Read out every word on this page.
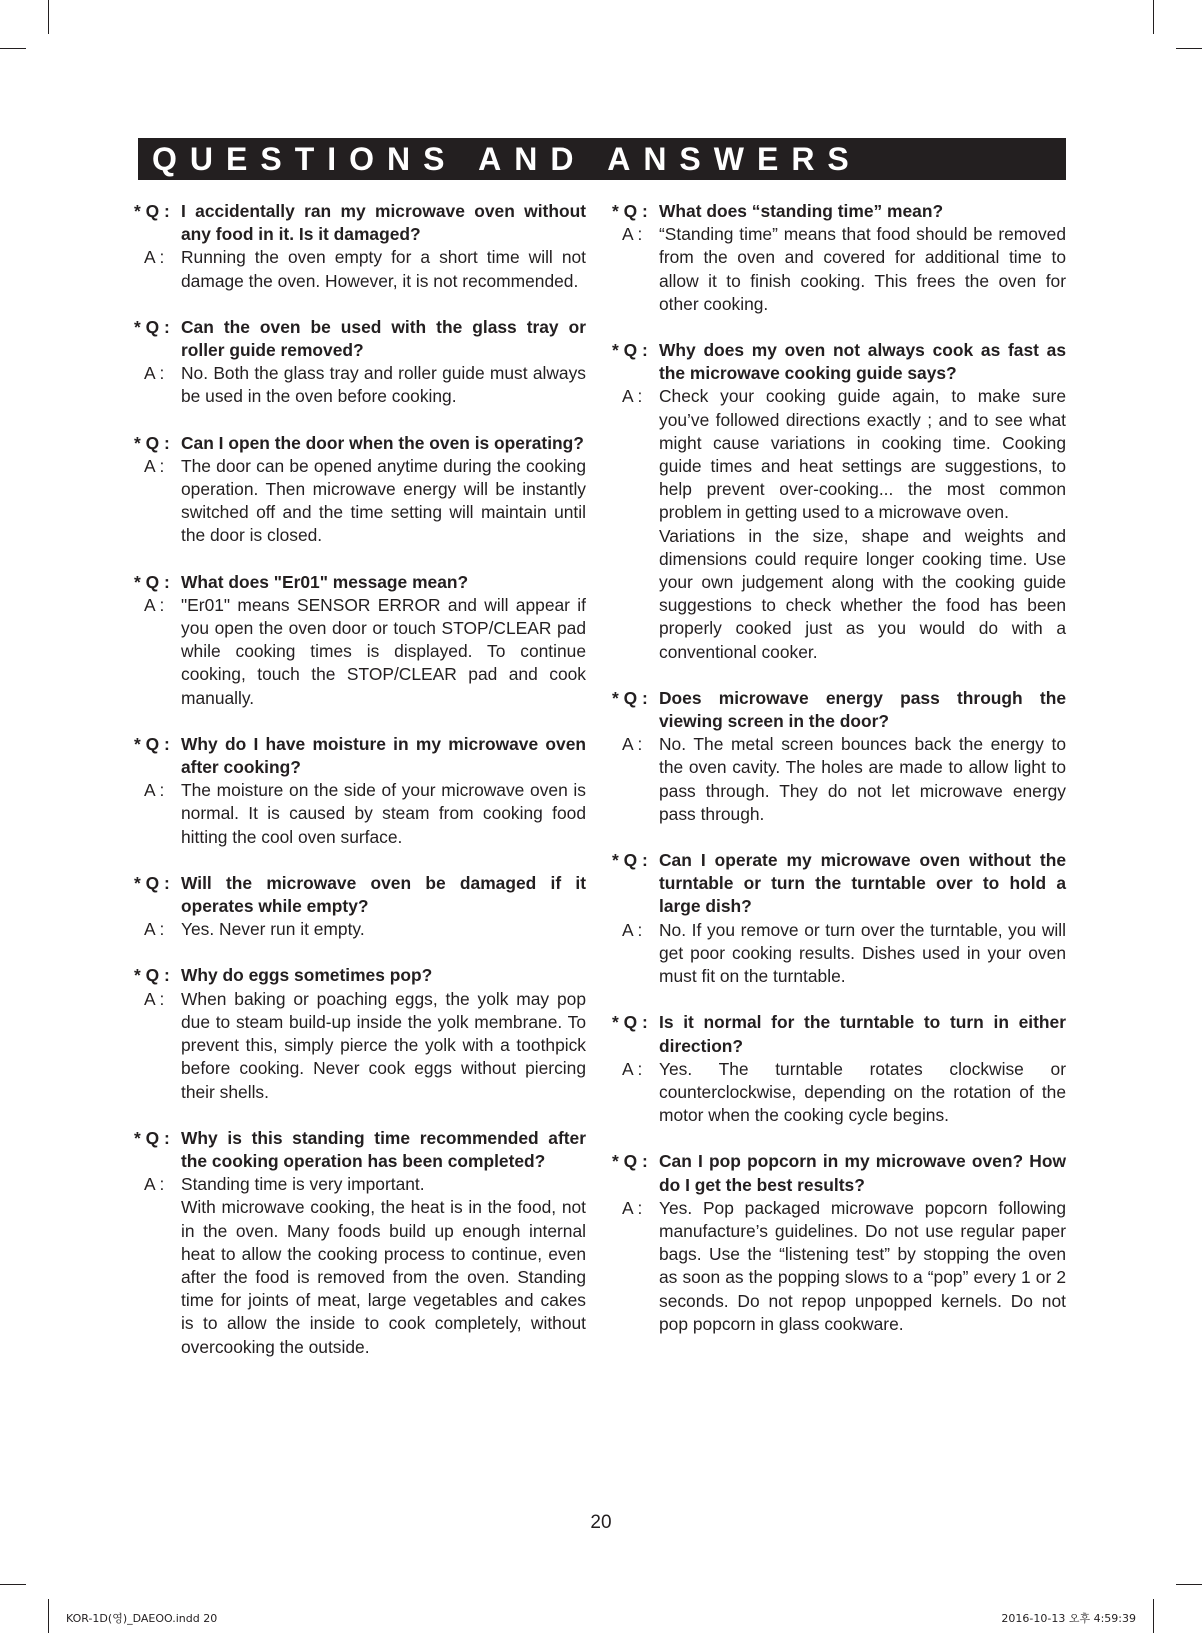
QUESTIONS AND ANSWERS
* Q : I accidentally ran my microwave oven without any food in it. Is it damaged?
A : Running the oven empty for a short time will not damage the oven. However, it is not recommended.

* Q : Can the oven be used with the glass tray or roller guide removed?
A : No. Both the glass tray and roller guide must always be used in the oven before cooking.

* Q : Can I open the door when the oven is operating?
A : The door can be opened anytime during the cooking operation. Then microwave energy will be instantly switched off and the time setting will maintain until the door is closed.

* Q : What does "Er01" message mean?
A : "Er01" means SENSOR ERROR and will appear if you open the oven door or touch STOP/CLEAR pad while cooking times is displayed. To continue cooking, touch the STOP/CLEAR pad and cook manually.

* Q : Why do I have moisture in my microwave oven after cooking?
A : The moisture on the side of your microwave oven is normal. It is caused by steam from cooking food hitting the cool oven surface.

* Q : Will the microwave oven be damaged if it operates while empty?
A : Yes. Never run it empty.

* Q : Why do eggs sometimes pop?
A : When baking or poaching eggs, the yolk may pop due to steam build-up inside the yolk membrane. To prevent this, simply pierce the yolk with a toothpick before cooking. Never cook eggs without piercing their shells.

* Q : Why is this standing time recommended after the cooking operation has been completed?
A : Standing time is very important.

With microwave cooking, the heat is in the food, not in the oven. Many foods build up enough internal heat to allow the cooking process to continue, even after the food is removed from the oven. Standing time for joints of meat, large vegetables and cakes is to allow the inside to cook completely, without overcooking the outside.

* Q : What does “standing time” mean?
A : “Standing time” means that food should be removed from the oven and covered for additional time to allow it to finish cooking. This frees the oven for other cooking.

* Q : Why does my oven not always cook as fast as the microwave cooking guide says?
A : Check your cooking guide again, to make sure you’ve followed directions exactly ; and to see what might cause variations in cooking time. Cooking guide times and heat settings are suggestions, to help prevent over-cooking... the most common problem in getting used to a microwave oven.

Variations in the size, shape and weights and dimensions could require longer cooking time. Use your own judgement along with the cooking guide suggestions to check whether the food has been properly cooked just as you would do with a conventional cooker.

* Q : Does microwave energy pass through the viewing screen in the door?
A : No. The metal screen bounces back the energy to the oven cavity. The holes are made to allow light to pass through. They do not let microwave energy pass through.

* Q : Can I operate my microwave oven without the turntable or turn the turntable over to hold a large dish?
A : No. If you remove or turn over the turntable, you will get poor cooking results. Dishes used in your oven must fit on the turntable.

* Q : Is it normal for the turntable to turn in either direction?
A : Yes. The turntable rotates clockwise or counterclockwise, depending on the rotation of the motor when the cooking cycle begins.

* Q : Can I pop popcorn in my microwave oven? How do I get the best results?
A : Yes. Pop packaged microwave popcorn following manufacture’s guidelines. Do not use regular paper bags. Use the “listening test” by stopping the oven as soon as the popping slows to a “pop” every 1 or 2 seconds. Do not repop unpopped kernels. Do not pop popcorn in glass cookware.

20
KOR-1D(영)_DAEOO.indd 20	2016-10-13 오후 4:59:39
